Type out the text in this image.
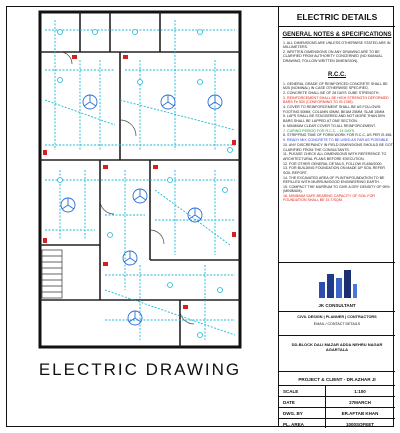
ELECTRIC DRAWING
ELECTRIC DETAILS
GENERAL NOTES & SPECIFICATIONS
1. ALL DIMENSIONS ARE UNLESS OTHERWISE STATED ARE IN MILLIMETERS.
2. WRITTEN DIMENSIONS ON ANY DRAWING ARE TO BE CLARIFIED FROM AUTHORITY CONCERNED (NO MANUAL DRAWING, FOLLOW WRITTEN DIMENSION).
R.C.C.
1. GENERAL GRADE OF REINFORCED CONCRETE SHALL BE M25 (NOMINAL) IN CASE OTHERWISE SPECIFIED.
2. CONCRETE SHALL BE OF 28 DAYS CUBE STRENGTH.
3. REINFORCEMENT SHALL BE HIGH STRENGTH DEFORMED BARS Fe 500 (CONFORMING TO IS:1786).
4. COVER TO REINFORCEMENT SHALL BE AS FOLLOWS: FOOTING 50MM, COLUMN 40MM, BEAM 25MM, SLAB 15MM.
5. LAPS SHALL BE STAGGERED AND NOT MORE THAN 50% BARS SHALL BE LAPPED AT ONE SECTION.
6. MINIMUM CLEAR COVER TO ALL REINFORCEMENT.
7. CURING PERIOD FOR R.C.C. - 14 DAYS.
8. STRIPPING TIME OF FORM WORK FOR R.C.C. AS PER IS 456.
9. READY MIX CONCRETE TO BE USED AS FAR AS POSSIBLE.
10. ANY DISCREPANCY IN FIELD DIMENSIONS SHOULD BE GOT CLARIFIED FROM THE CONSULTANTS.
11. PLEASE CHECK ALL DIMENSIONS WITH REFERENCE TO ARCHITECTURAL PLANS BEFORE EXECUTION.
12. FOR OTHER GENERAL DETAILS, FOLLOW IS:456/2000.
13. FOR BUILDING FOUNDATION ON MADE UP SOIL REFER SOIL REPORT.
14. THE EXCAVATED AREA OF PLINTH/FOUNDATION TO BE REFILLED WITH MURRUM/GOOD ENGINEERING EARTH.
15. COMPACT THE MURRUM TO GIVE A DRY DENSITY OF 95% (MINIMUM).
16. MINIMUM SAFE BEARING CAPACITY OF SOIL FOR FOUNDATION SHALL BE 15 T/SQM.
JK CONSULTANT
CIVIL DESIGN | PLANNER | CONTRACTORS
EMAIL / CONTACT DETAILS
DD-BLOCK DALI MAZAR ADDA NEHRU NAGAR AGARTALA
PROJECT & CLIENT - DR.AZHAR JI
SCALE	1:100
DATE	27MARCH
DWG. BY	ER.AFTAB KHAN
PL. AREA	1000SQFEET
